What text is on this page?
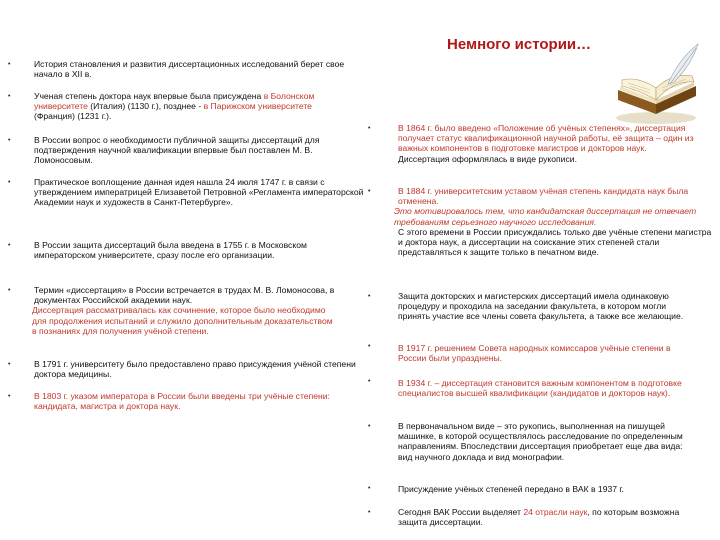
Немного истории…
•	История становления и развития диссертационных исследований берет свое начало в XII в.
•	Ученая степень доктора наук впервые была присуждена в Болонском университете (Италия) (1130 г.), позднее - в Парижском университете (Франция) (1231 г.).
•	В России вопрос о необходимости публичной защиты диссертаций для подтверждения научной квалификации впервые был поставлен М. В. Ломоносовым.
•	Практическое воплощение данная идея нашла 24 июля 1747 г. в связи с утверждением императрицей Елизаветой Петровной «Регламента императорской Академии наук и художеств в Санкт-Петербурге».
•	В России защита диссертаций была введена в 1755 г. в Московском императорском университете, сразу после его организации.
•	Термин «диссертация» в России встречается в трудах М. В. Ломоносова, в документах Российской академии наук.
Диссертация рассматривалась как сочинение, которое было необходимо для продолжения испытаний и служило дополнительным доказательством в познаниях для получения учёной степени.
•	В 1791 г. университету было предоставлено право присуждения учёной степени доктора медицины.
•	В 1803 г. указом императора в России были введены три учёные степени: кандидата, магистра и доктора наук.
•	В 1864 г. было введено «Положение об учёных степенях», диссертация получает статус квалификационной научной работы, её защита – один из важных компонентов в подготовке магистров и докторов наук. Диссертация оформлялась в виде рукописи.
•	В 1884 г. университетским уставом учёная степень кандидата наук была отменена.
Это мотивировалось тем, что кандидатская диссертация не отвечает требованиям серьезного научного исследования.
С этого времени в России присуждались только две учёные степени магистра и доктора наук, а диссертации на соискание этих степеней стали представляться к защите только в печатном виде.
•	Защита докторских и магистерских диссертаций имела одинаковую процедуру и проходила на заседании факультета, в котором могли принять участие все члены совета факультета, а также все желающие.
•	В 1917 г. решением Совета народных комиссаров учёные степени в России были упразднены.
•	В 1934 г. – диссертация становится важным компонентом в подготовке специалистов высшей квалификации (кандидатов и докторов наук).
•	В первоначальном виде – это рукопись, выполненная на пишущей машинке, в которой осуществлялось расследование по определенным направлениям. Впоследствии диссертация приобретает еще два вида: вид научного доклада и вид монографии.
•	Присуждение учёных степеней передано в ВАК в 1937 г.
•	Сегодня ВАК России выделяет 24 отрасли наук, по которым возможна защита диссертации.
